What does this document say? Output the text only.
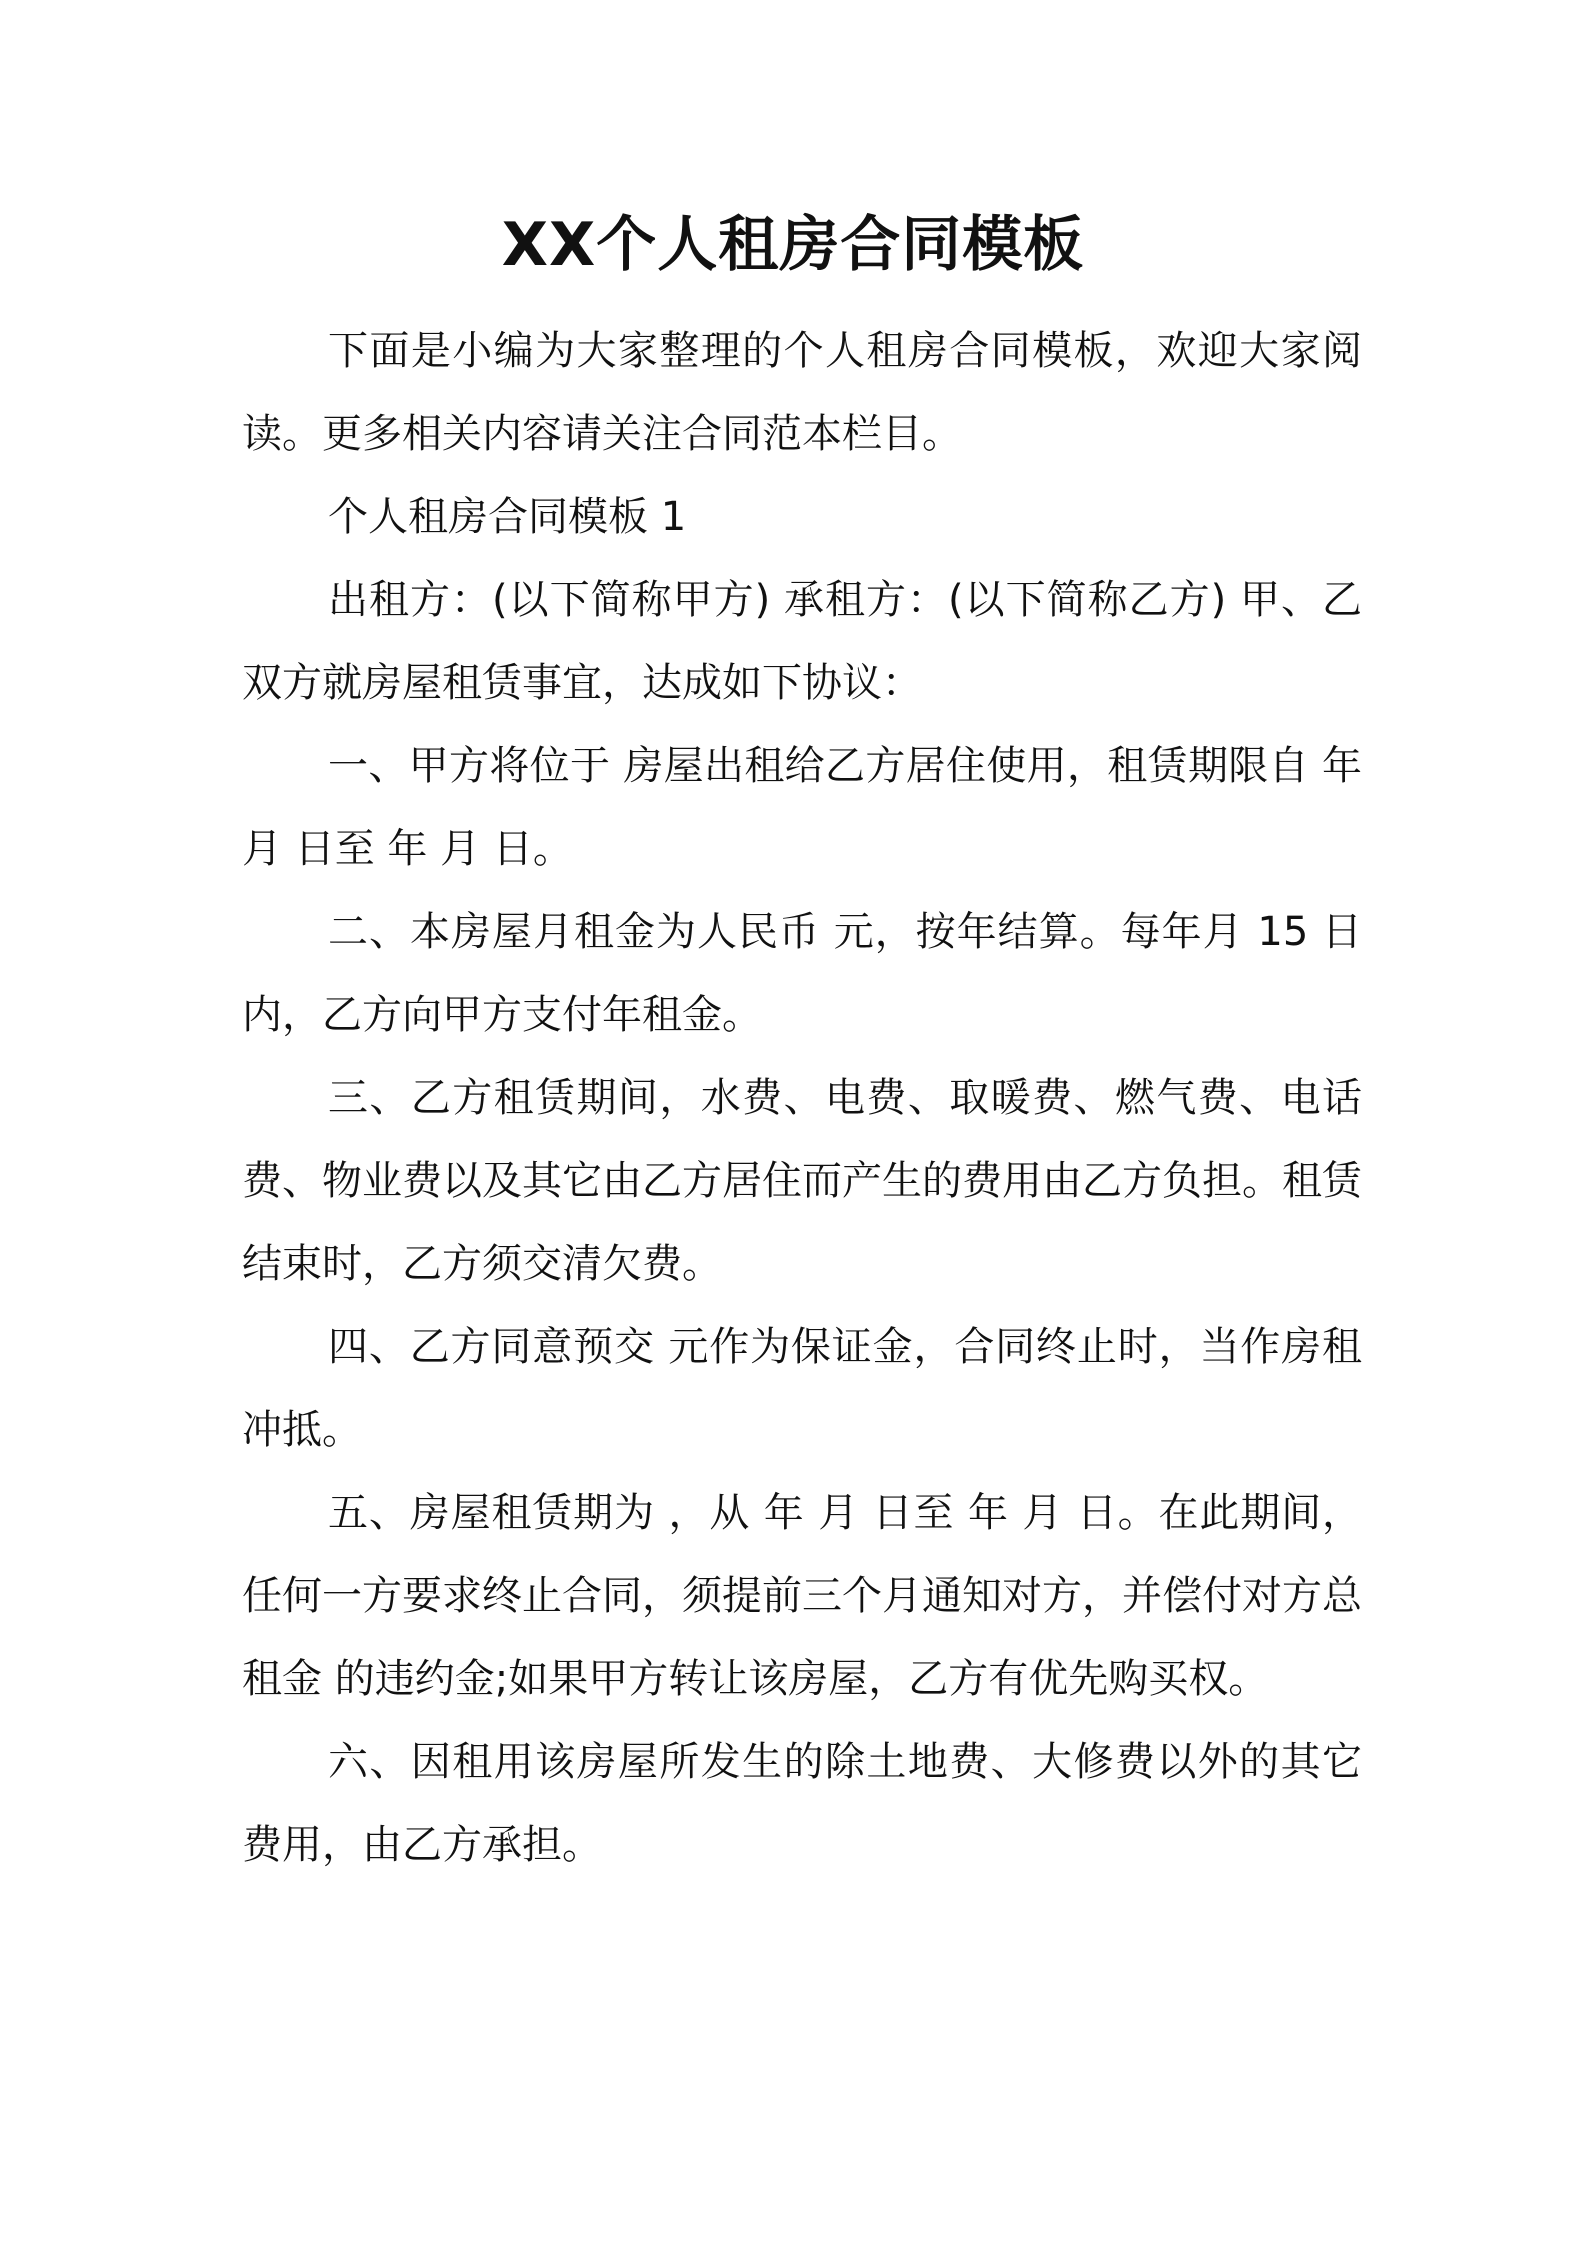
XX个人租房合同模板

下面是小编为大家整理的个人租房合同模板，欢迎大家阅读。更多相关内容请关注合同范本栏目。

个人租房合同模板 1

出租方：(以下简称甲方) 承租方：(以下简称乙方) 甲、乙双方就房屋租赁事宜，达成如下协议：

一、甲方将位于 房屋出租给乙方居住使用，租赁期限自 年 月 日至 年 月 日。

二、本房屋月租金为人民币 元，按年结算。每年月 15 日内，乙方向甲方支付年租金。

三、乙方租赁期间，水费、电费、取暖费、燃气费、电话费、物业费以及其它由乙方居住而产生的费用由乙方负担。租赁结束时，乙方须交清欠费。

四、乙方同意预交 元作为保证金，合同终止时，当作房租冲抵。

五、房屋租赁期为 ，从 年 月 日至 年 月 日。在此期间，任何一方要求终止合同，须提前三个月通知对方，并偿付对方总租金 的违约金;如果甲方转让该房屋，乙方有优先购买权。

六、因租用该房屋所发生的除土地费、大修费以外的其它费用，由乙方承担。
